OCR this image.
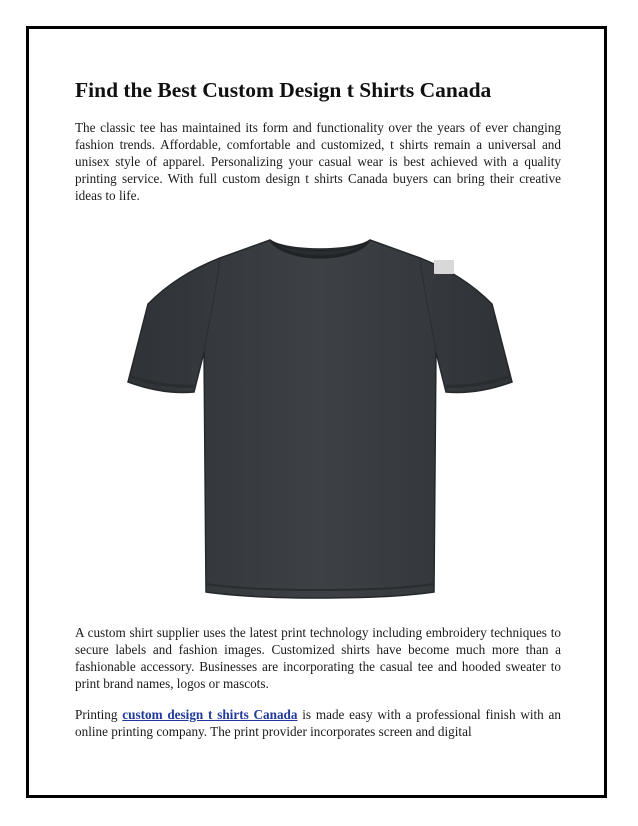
Find the Best Custom Design t Shirts Canada

The classic tee has maintained its form and functionality over the years of ever changing fashion trends. Affordable, comfortable and customized, t shirts remain a universal and unisex style of apparel. Personalizing your casual wear is best achieved with a quality printing service. With full custom design t shirts Canada buyers can bring their creative ideas to life.

A custom shirt supplier uses the latest print technology including embroidery techniques to secure labels and fashion images. Customized shirts have become much more than a fashionable accessory. Businesses are incorporating the casual tee and hooded sweater to print brand names, logos or mascots.

Printing custom design t shirts Canada is made easy with a professional finish with an online printing company. The print provider incorporates screen and digital
